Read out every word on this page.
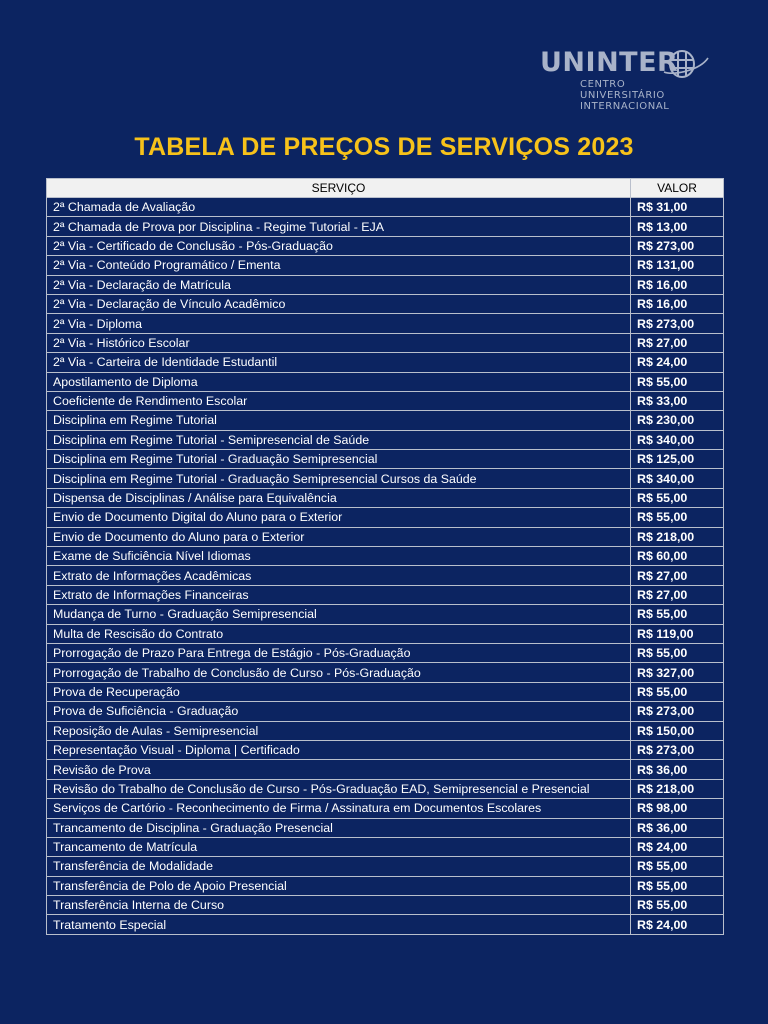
UNINTER
CENTRO
UNIVERSITÁRIO
INTERNACIONAL
TABELA DE PREÇOS DE SERVIÇOS 2023
SERVIÇO	VALOR
2ª Chamada de Avaliação	R$ 31,00
2ª Chamada de Prova por Disciplina - Regime Tutorial - EJA	R$ 13,00
2ª Via - Certificado de Conclusão - Pós-Graduação	R$ 273,00
2ª Via - Conteúdo Programático / Ementa	R$ 131,00
2ª Via - Declaração de Matrícula	R$ 16,00
2ª Via - Declaração de Vínculo Acadêmico	R$ 16,00
2ª Via - Diploma	R$ 273,00
2ª Via - Histórico Escolar	R$ 27,00
2ª Via - Carteira de Identidade Estudantil	R$ 24,00
Apostilamento de Diploma	R$ 55,00
Coeficiente de Rendimento Escolar	R$ 33,00
Disciplina em Regime Tutorial	R$ 230,00
Disciplina em Regime Tutorial - Semipresencial de Saúde	R$ 340,00
Disciplina em Regime Tutorial - Graduação Semipresencial	R$ 125,00
Disciplina em Regime Tutorial - Graduação Semipresencial Cursos da Saúde	R$ 340,00
Dispensa de Disciplinas / Análise para Equivalência	R$ 55,00
Envio de Documento Digital do Aluno para o Exterior	R$ 55,00
Envio de Documento do Aluno para o Exterior	R$ 218,00
Exame de Suficiência Nível Idiomas	R$ 60,00
Extrato de Informações Acadêmicas	R$ 27,00
Extrato de Informações Financeiras	R$ 27,00
Mudança de Turno - Graduação Semipresencial	R$ 55,00
Multa de Rescisão do Contrato	R$ 119,00
Prorrogação de Prazo Para Entrega de Estágio - Pós-Graduação	R$ 55,00
Prorrogação de Trabalho de Conclusão de Curso - Pós-Graduação	R$ 327,00
Prova de Recuperação	R$ 55,00
Prova de Suficiência - Graduação	R$ 273,00
Reposição de Aulas - Semipresencial	R$ 150,00
Representação Visual - Diploma | Certificado	R$ 273,00
Revisão de Prova	R$ 36,00
Revisão do Trabalho de Conclusão de Curso - Pós-Graduação EAD, Semipresencial e Presencial	R$ 218,00
Serviços de Cartório - Reconhecimento de Firma / Assinatura em Documentos Escolares	R$ 98,00
Trancamento de Disciplina - Graduação Presencial	R$ 36,00
Trancamento de Matrícula	R$ 24,00
Transferência de Modalidade	R$ 55,00
Transferência de Polo de Apoio Presencial	R$ 55,00
Transferência Interna de Curso	R$ 55,00
Tratamento Especial	R$ 24,00
